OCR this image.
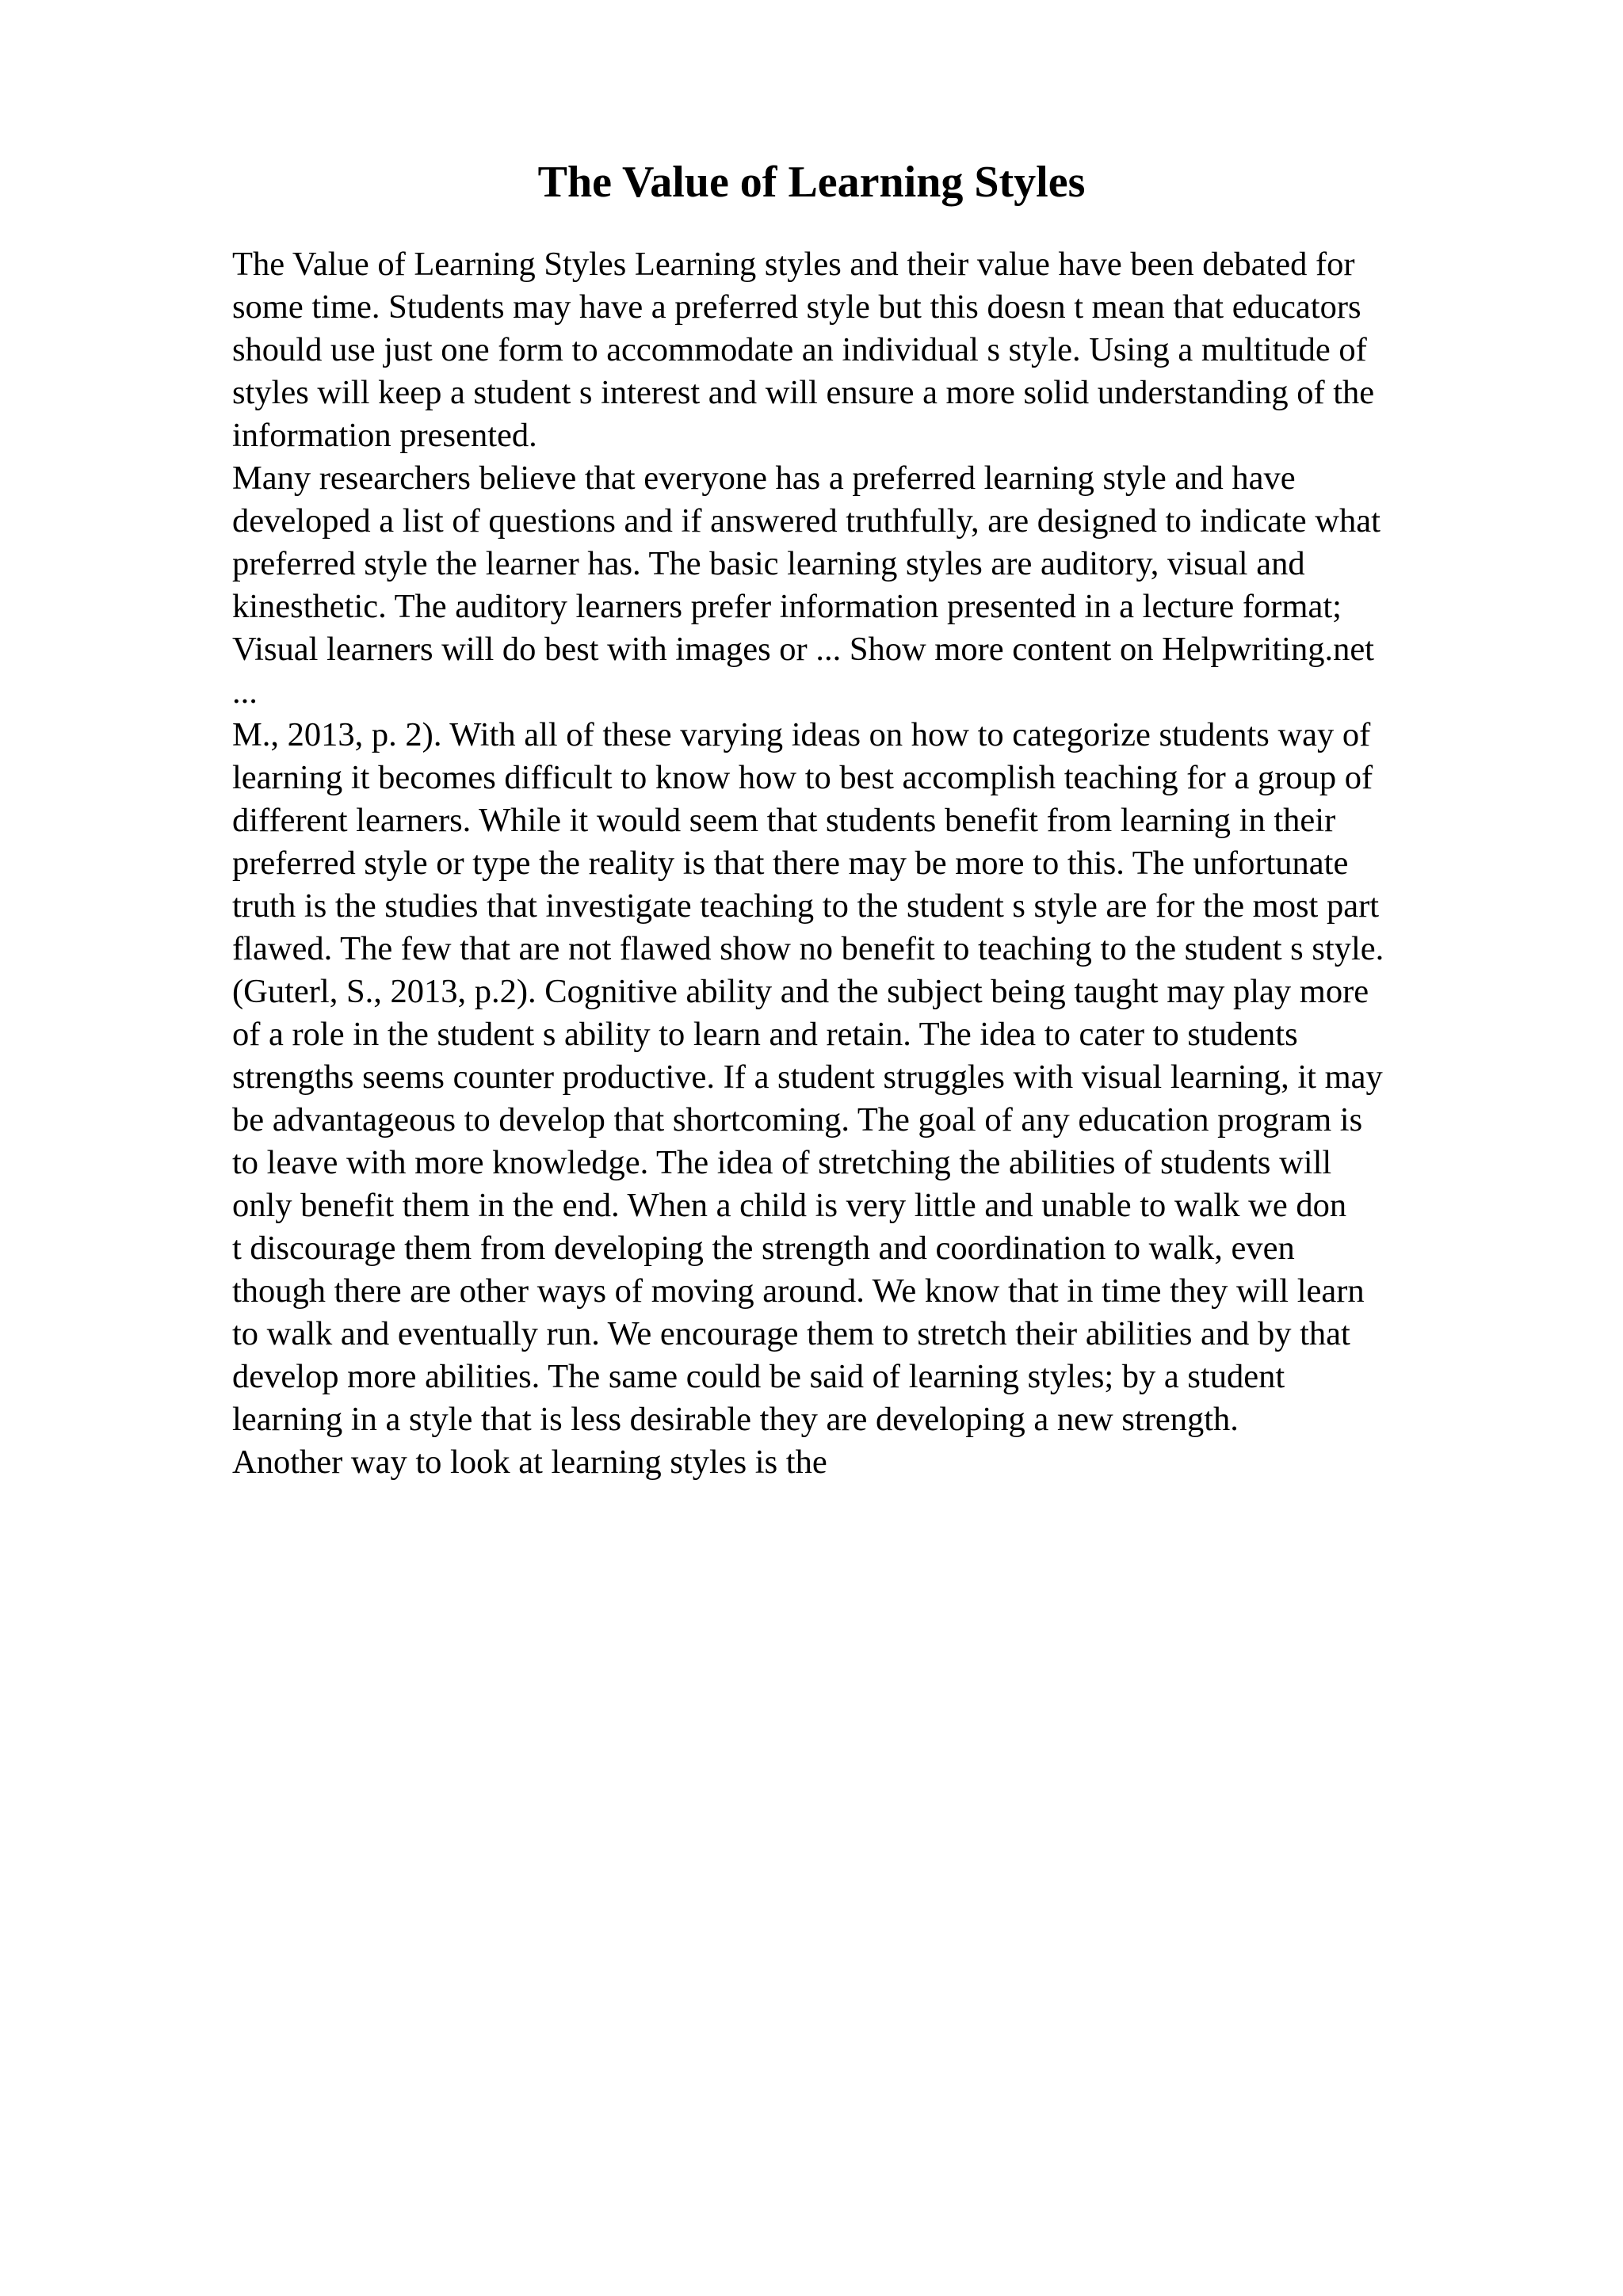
The Value of Learning Styles
The Value of Learning Styles Learning styles and their value have been debated for
some time. Students may have a preferred style but this doesn t mean that educators
should use just one form to accommodate an individual s style. Using a multitude of
styles will keep a student s interest and will ensure a more solid understanding of the
information presented.
Many researchers believe that everyone has a preferred learning style and have
developed a list of questions and if answered truthfully, are designed to indicate what
preferred style the learner has. The basic learning styles are auditory, visual and
kinesthetic. The auditory learners prefer information presented in a lecture format;
Visual learners will do best with images or ... Show more content on Helpwriting.net
...
M., 2013, p. 2). With all of these varying ideas on how to categorize students way of
learning it becomes difficult to know how to best accomplish teaching for a group of
different learners. While it would seem that students benefit from learning in their
preferred style or type the reality is that there may be more to this. The unfortunate
truth is the studies that investigate teaching to the student s style are for the most part
flawed. The few that are not flawed show no benefit to teaching to the student s style.
(Guterl, S., 2013, p.2). Cognitive ability and the subject being taught may play more
of a role in the student s ability to learn and retain. The idea to cater to students
strengths seems counter productive. If a student struggles with visual learning, it may
be advantageous to develop that shortcoming. The goal of any education program is
to leave with more knowledge. The idea of stretching the abilities of students will
only benefit them in the end. When a child is very little and unable to walk we don
t discourage them from developing the strength and coordination to walk, even
though there are other ways of moving around. We know that in time they will learn
to walk and eventually run. We encourage them to stretch their abilities and by that
develop more abilities. The same could be said of learning styles; by a student
learning in a style that is less desirable they are developing a new strength.
Another way to look at learning styles is the
